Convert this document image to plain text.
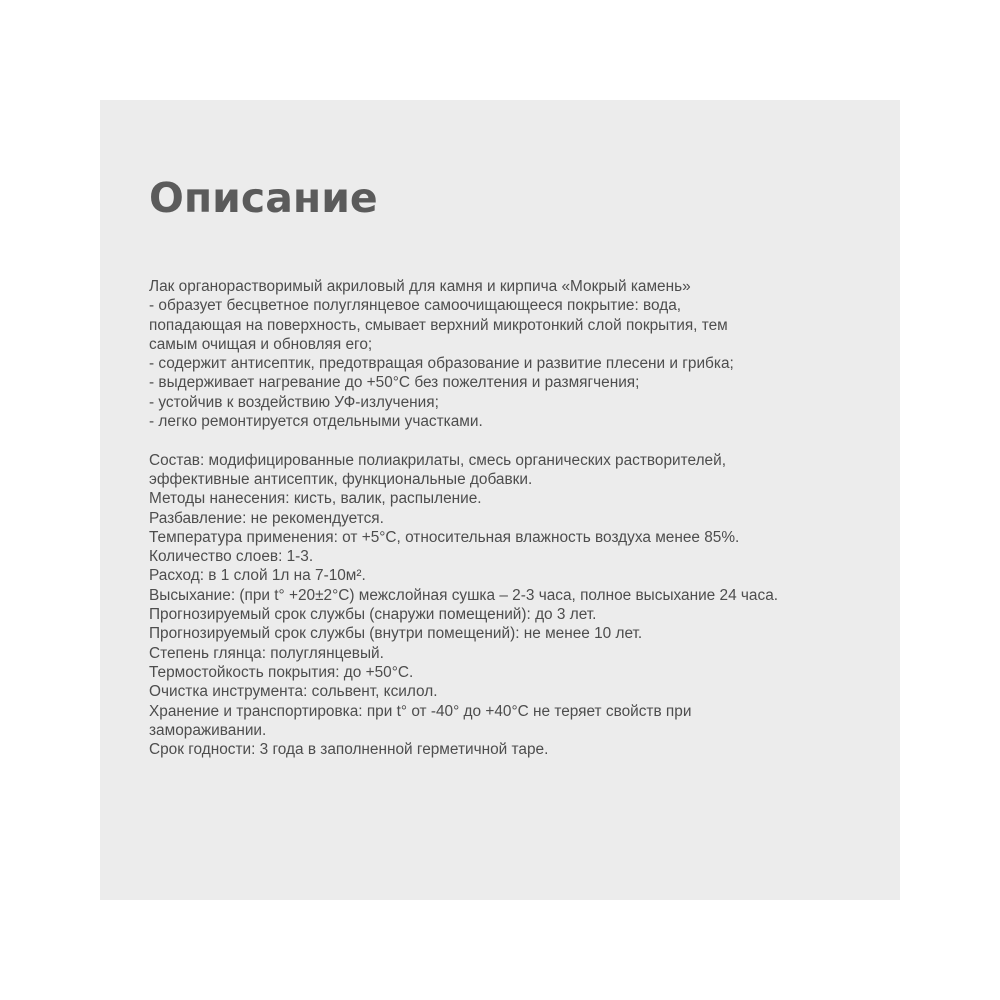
Описание

Лак органорастворимый акриловый для камня и кирпича «Мокрый камень»

- образует бесцветное полуглянцевое самоочищающееся покрытие: вода,

попадающая на поверхность, смывает верхний микротонкий слой покрытия, тем

самым очищая и обновляя его;

- содержит антисептик, предотвращая образование и развитие плесени и грибка;

- выдерживает нагревание до +50°С без пожелтения и размягчения;

- устойчив к воздействию УФ-излучения;

- легко ремонтируется отдельными участками.

Состав: модифицированные полиакрилаты, смесь органических растворителей,

эффективные антисептик, функциональные добавки.

Методы нанесения: кисть, валик, распыление.

Разбавление: не рекомендуется.

Температура применения: от +5°С, относительная влажность воздуха менее 85%.

Количество слоев: 1-3.

Расход: в 1 слой 1л на 7-10м².

Высыхание: (при t° +20±2°С) межслойная сушка – 2-3 часа, полное высыхание 24 часа.

Прогнозируемый срок службы (снаружи помещений): до 3 лет.

Прогнозируемый срок службы (внутри помещений): не менее 10 лет.

Степень глянца: полуглянцевый.

Термостойкость покрытия: до +50°С.

Очистка инструмента: сольвент, ксилол.

Хранение и транспортировка: при t° от -40° до +40°С не теряет свойств при

замораживании.

Срок годности: 3 года в заполненной герметичной таре.
